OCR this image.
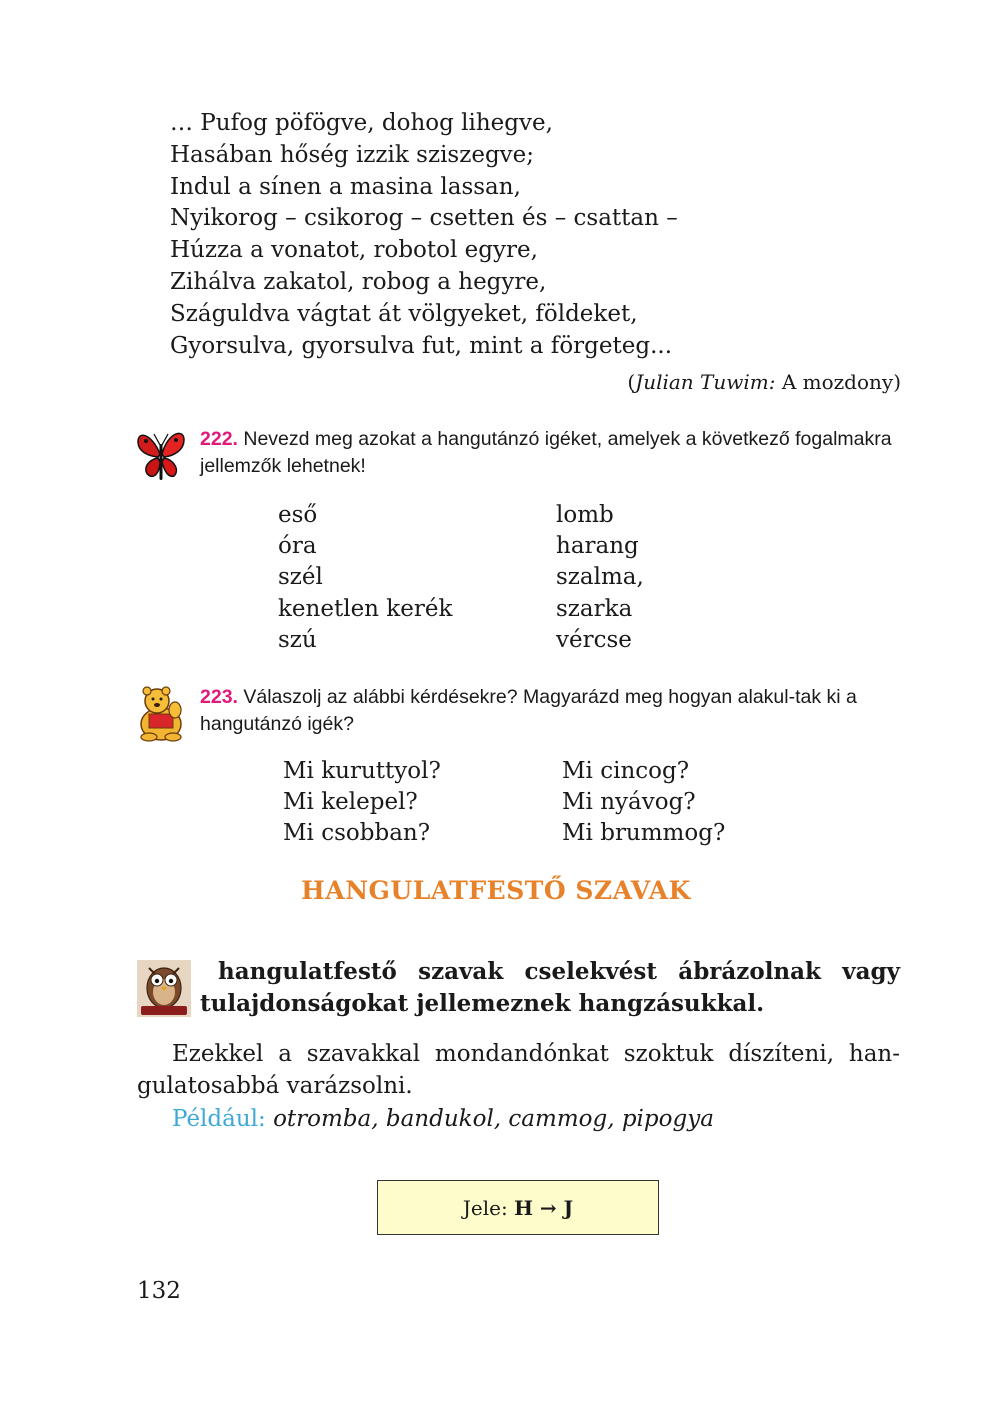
… Pufog pöfögve, dohog lihegve,
Hasában hőség izzik sziszegve;
Indul a sínen a masina lassan,
Nyikorog – csikorog – csetten és – csattan –
Húzza a vonatot, robotol egyre,
Zihálva zakatol, robog a hegyre,
Száguldva vágtat át völgyeket, földeket,
Gyorsulva, gyorsulva fut, mint a förgeteg...
(Julian Tuwim: A mozdony)
222. Nevezd meg azokat a hangutánzó igéket, amelyek a következő fogalmakra jellemzők lehetnek!
eső
óra
szél
kenetlen kerék
szú
lomb
harang
szalma,
szarka
vércse
223. Válaszolj az alábbi kérdésekre? Magyarázd meg hogyan alakul-tak ki a hangutánzó igék?
Mi kuruttyol?
Mi kelepel?
Mi csobban?
Mi cincog?
Mi nyávog?
Mi brummog?
HANGULATFESTŐ SZAVAK
hangulatfestő szavak cselekvést ábrázolnak vagy
tulajdonságokat jellemeznek hangzásukkal.
Ezekkel a szavakkal mondandónkat szoktuk díszíteni, han-
gulatosabbá varázsolni.
Például: otromba, bandukol, cammog, pipogya
Jele:
H → J
132
